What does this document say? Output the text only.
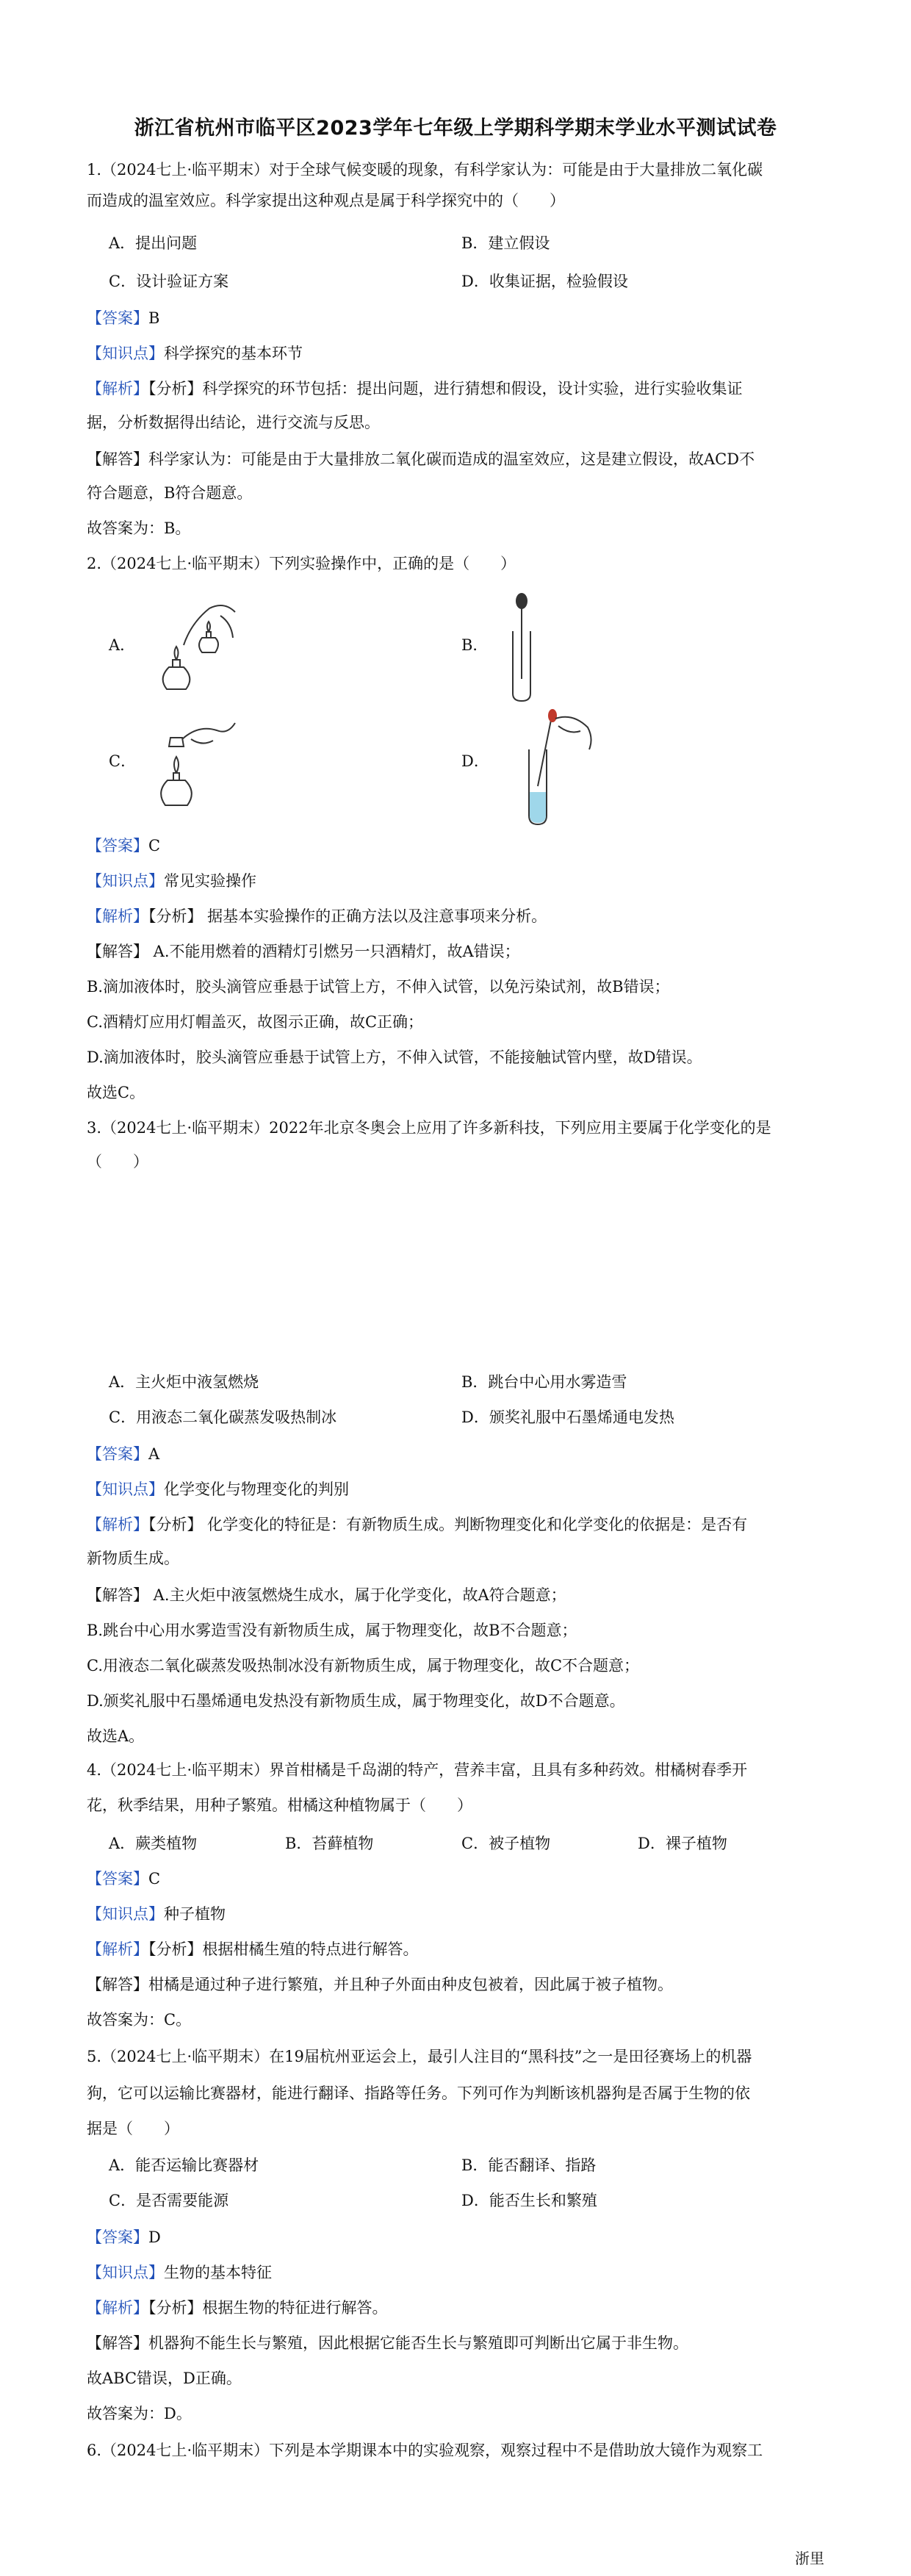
浙江省杭州市临平区2023学年七年级上学期科学期末学业水平测试试卷
1.（2024七上·临平期末）对于全球气候变暖的现象，有科学家认为：可能是由于大量排放二氧化碳
而造成的温室效应。科学家提出这种观点是属于科学探究中的（　　）
A．提出问题	B．建立假设
C．设计验证方案	D．收集证据，检验假设
【答案】B
【知识点】科学探究的基本环节
【解析】【分析】科学探究的环节包括：提出问题，进行猜想和假设，设计实验，进行实验收集证
据，分析数据得出结论，进行交流与反思。
【解答】科学家认为：可能是由于大量排放二氧化碳而造成的温室效应，这是建立假设，故ACD不
符合题意，B符合题意。
故答案为：B。
2.（2024七上·临平期末）下列实验操作中，正确的是（　　）
A．	B．
C．	D．
【答案】C
【知识点】常见实验操作
【解析】【分析】 据基本实验操作的正确方法以及注意事项来分析。
【解答】 A.不能用燃着的酒精灯引燃另一只酒精灯，故A错误；
B.滴加液体时，胶头滴管应垂悬于试管上方，不伸入试管，以免污染试剂，故B错误；
C.酒精灯应用灯帽盖灭，故图示正确，故C正确；
D.滴加液体时，胶头滴管应垂悬于试管上方，不伸入试管，不能接触试管内壁，故D错误。
故选C。
3.（2024七上·临平期末）2022年北京冬奥会上应用了许多新科技，下列应用主要属于化学变化的是
（　　）
A．主火炬中液氢燃烧	B．跳台中心用水雾造雪
C．用液态二氧化碳蒸发吸热制冰	D．颁奖礼服中石墨烯通电发热
【答案】A
【知识点】化学变化与物理变化的判别
【解析】【分析】 化学变化的特征是：有新物质生成。判断物理变化和化学变化的依据是：是否有
新物质生成。
【解答】 A.主火炬中液氢燃烧生成水，属于化学变化，故A符合题意；
B.跳台中心用水雾造雪没有新物质生成，属于物理变化，故B不合题意；
C.用液态二氧化碳蒸发吸热制冰没有新物质生成，属于物理变化，故C不合题意；
D.颁奖礼服中石墨烯通电发热没有新物质生成，属于物理变化，故D不合题意。
故选A。
4.（2024七上·临平期末）界首柑橘是千岛湖的特产，营养丰富，且具有多种药效。柑橘树春季开
花，秋季结果，用种子繁殖。柑橘这种植物属于（　　）
A．蕨类植物	B．苔藓植物	C．被子植物	D．裸子植物
【答案】C
【知识点】种子植物
【解析】【分析】根据柑橘生殖的特点进行解答。
【解答】柑橘是通过种子进行繁殖，并且种子外面由种皮包被着，因此属于被子植物。
故答案为：C。
5.（2024七上·临平期末）在19届杭州亚运会上，最引人注目的“黑科技”之一是田径赛场上的机器
狗，它可以运输比赛器材，能进行翻译、指路等任务。下列可作为判断该机器狗是否属于生物的依
据是（　　）
A．能否运输比赛器材	B．能否翻译、指路
C．是否需要能源	D．能否生长和繁殖
【答案】D
【知识点】生物的基本特征
【解析】【分析】根据生物的特征进行解答。
【解答】机器狗不能生长与繁殖，因此根据它能否生长与繁殖即可判断出它属于非生物。
故ABC错误，D正确。
故答案为：D。
6.（2024七上·临平期末）下列是本学期课本中的实验观察，观察过程中不是借助放大镜作为观察工
浙里
